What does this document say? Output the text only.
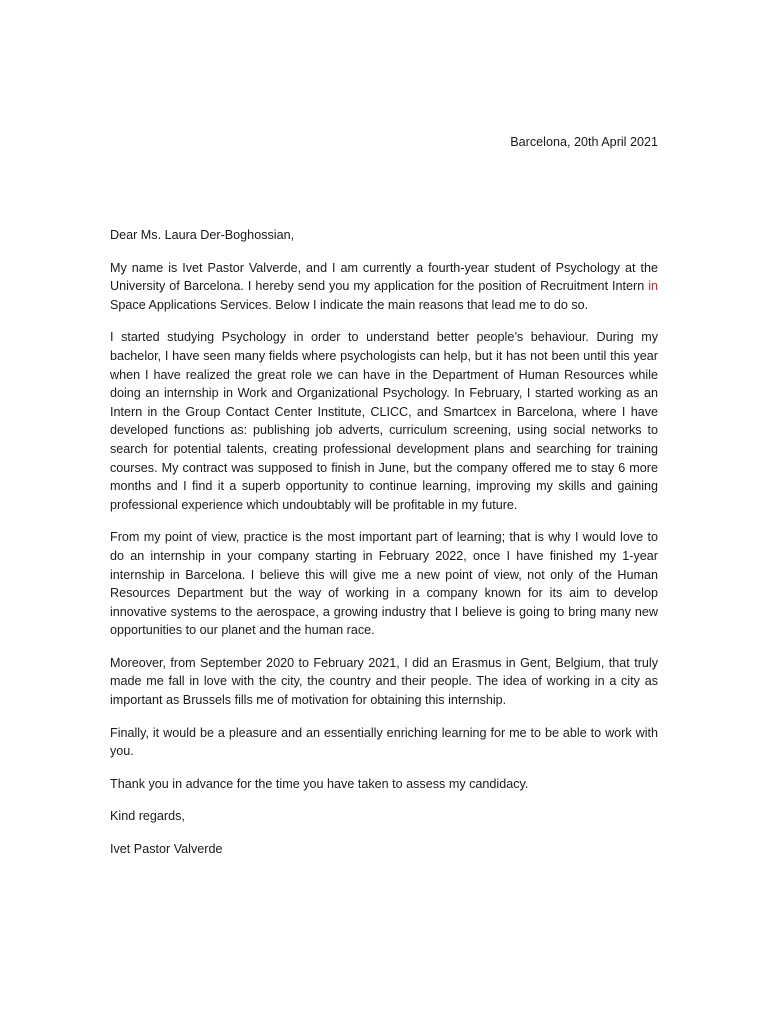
Barcelona, 20th April 2021

Dear Ms. Laura Der-Boghossian,

My name is Ivet Pastor Valverde, and I am currently a fourth-year student of Psychology at the University of Barcelona. I hereby send you my application for the position of Recruitment Intern in Space Applications Services. Below I indicate the main reasons that lead me to do so.

I started studying Psychology in order to understand better people’s behaviour. During my bachelor, I have seen many fields where psychologists can help, but it has not been until this year when I have realized the great role we can have in the Department of Human Resources while doing an internship in Work and Organizational Psychology. In February, I started working as an Intern in the Group Contact Center Institute, CLICC, and Smartcex in Barcelona, where I have developed functions as: publishing job adverts, curriculum screening, using social networks to search for potential talents, creating professional development plans and searching for training courses. My contract was supposed to finish in June, but the company offered me to stay 6 more months and I find it a superb opportunity to continue learning, improving my skills and gaining professional experience which undoubtably will be profitable in my future.

From my point of view, practice is the most important part of learning; that is why I would love to do an internship in your company starting in February 2022, once I have finished my 1-year internship in Barcelona. I believe this will give me a new point of view, not only of the Human Resources Department but the way of working in a company known for its aim to develop innovative systems to the aerospace, a growing industry that I believe is going to bring many new opportunities to our planet and the human race.

Moreover, from September 2020 to February 2021, I did an Erasmus in Gent, Belgium, that truly made me fall in love with the city, the country and their people. The idea of working in a city as important as Brussels fills me of motivation for obtaining this internship.

Finally, it would be a pleasure and an essentially enriching learning for me to be able to work with you.

Thank you in advance for the time you have taken to assess my candidacy.

Kind regards,

Ivet Pastor Valverde
